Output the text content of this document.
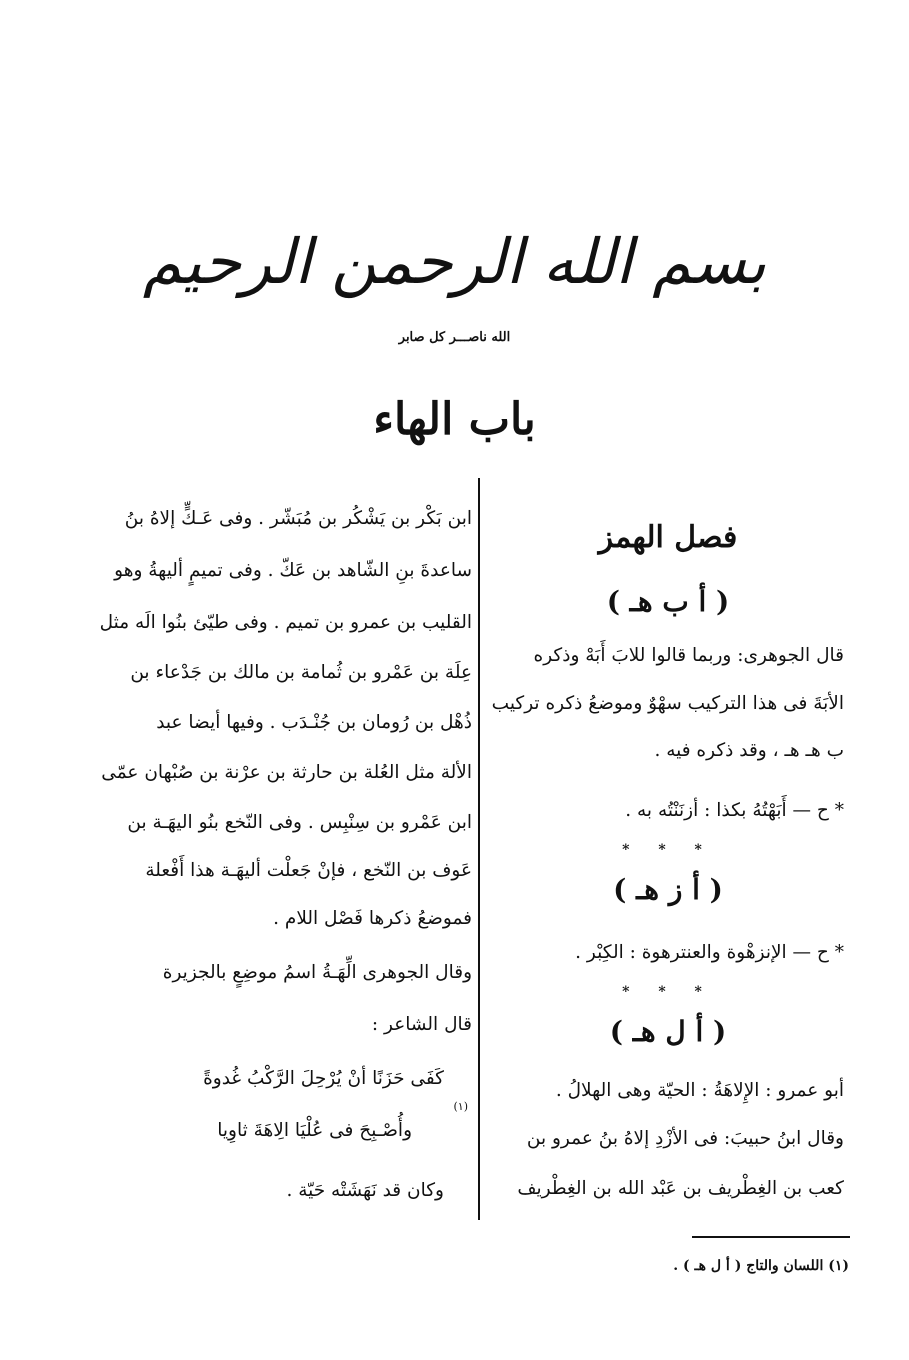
بسم الله الرحمن الرحيم
الله ناصـــر كل صابر
باب الهاء
فصل الهمز
( أ ب هـ )
قال الجوهرى: وربما قالوا للابَ أَبَهْ وذكره
الأبَةَ فى هذا التركيب سهْوٌ وموضعُ ذكره تركيب
ب هـ هـ ، وقد ذكره فيه .
* ح — أَبَهْتُهُ بكذا : أزنَنْتُه به .
* * *
( أ ز هـ )
* ح — الإنزهْوة والعنترهوة : الكِبْر .
* * *
( أ ل هـ )
أبو عمرو : الإِلاهَةُ : الحيّة وهى الهلالُ .
وقال ابنُ حبيبَ: فى الأزْدِ إلاهُ بنُ عمرو بن
كعب بن الغِطْريف بن عَبْد الله بن الغِطْريف
ابن بَكْر بن يَشْكُر بن مُبَشّر . وفى عَـكٍّ إلاهُ بنُ
ساعدةَ بنِ الشّاهد بن عَكّ . وفى تميمٍ أليهةُ وهو
القليب بن عمرو بن تميم . وفى طيّئ بنُوا الَه مثل
عِلَة بن عَمْرو بن ثُمامة بن مالك بن جَدْعاء بن
ذُهْل بن رُومان بن جُنْـدَب . وفيها أيضا عبد
الألة مثل العُلة بن حارثة بن عرْنة بن صُبْهان عمّى
ابن عَمْرو بن سِنْبِس . وفى النّخع بنُو اليهَـة بن
عَوف بن النّخع ، فإنْ جَعلْت أليهَـة هذا أَفْعلة
فموضعُ ذكرها فَصْل اللام .
وقال الجوهرى الِّهَـةُ اسمُ موضِعٍ بالجزيرة
قال الشاعر :
كَفَى حَزَنًا أنْ يُرْحِلَ الرَّكْبُ غُدوةً
وأُصْـبِحَ فى عُلْيَا الِاهَةَ ثاوِيا
(١)
وكان قد نَهَشَتْه حَيّة .
(١) اللسان والتاج ( أ ل هـ ) .
